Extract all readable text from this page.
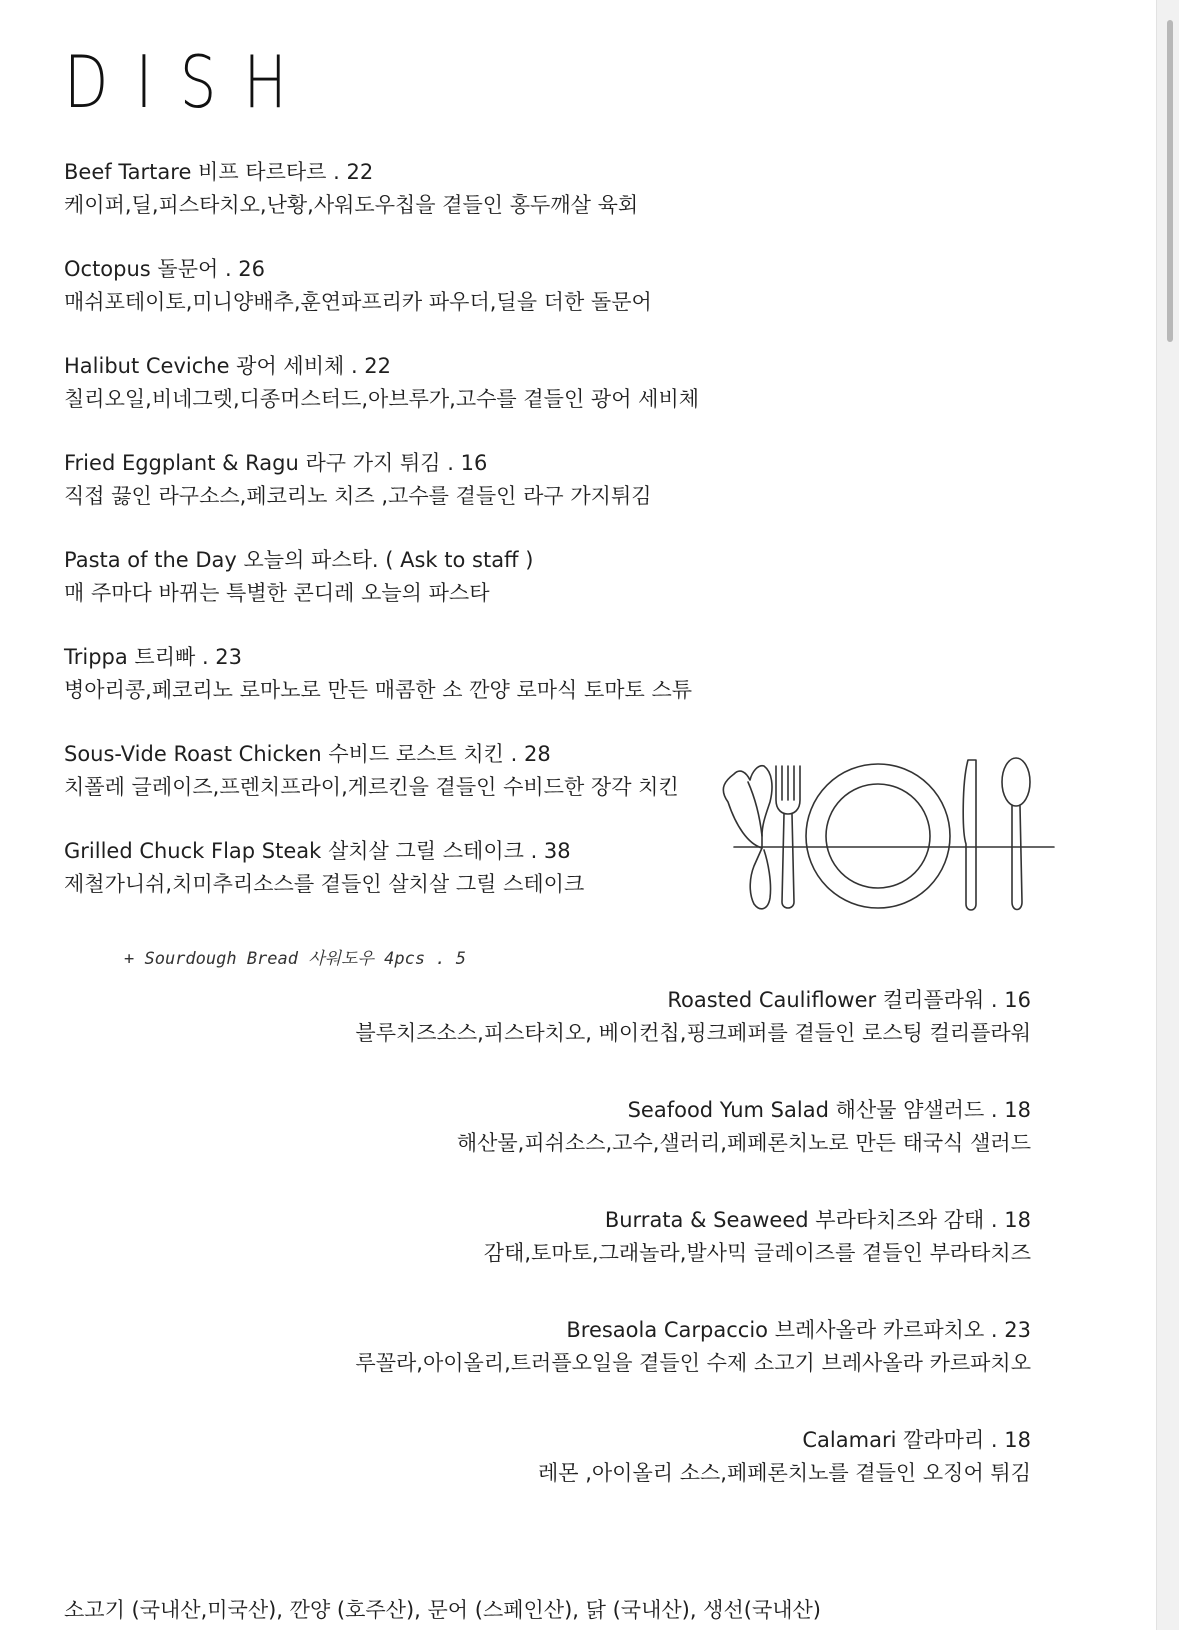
DISH
Beef Tartare 비프 타르타르 . 22
케이퍼,딜,피스타치오,난황,사워도우칩을 곁들인 홍두깨살 육회
Octopus 돌문어 . 26
매쉬포테이토,미니양배추,훈연파프리카 파우더,딜을 더한 돌문어
Halibut Ceviche 광어 세비체 . 22
칠리오일,비네그렛,디종머스터드,아브루가,고수를 곁들인 광어 세비체
Fried Eggplant & Ragu 라구 가지 튀김 . 16
직접 끓인 라구소스,페코리노 치즈 ,고수를 곁들인 라구 가지튀김
Pasta of the Day 오늘의 파스타. ( Ask to staff )
매 주마다 바뀌는 특별한 콘디레 오늘의 파스타
Trippa 트리빠 . 23
병아리콩,페코리노 로마노로 만든 매콤한 소 깐양 로마식 토마토 스튜
Sous-Vide Roast Chicken 수비드 로스트 치킨 . 28
치폴레 글레이즈,프렌치프라이,게르킨을 곁들인 수비드한 장각 치킨
Grilled Chuck Flap Steak 살치살 그릴 스테이크 . 38
제철가니쉬,치미추리소스를 곁들인 살치살 그릴 스테이크
+ Sourdough Bread 사워도우 4pcs . 5
Roasted Cauliflower 컬리플라워 . 16
블루치즈소스,피스타치오, 베이컨칩,핑크페퍼를 곁들인 로스팅 컬리플라워
Seafood Yum Salad 해산물 얌샐러드 . 18
해산물,피쉬소스,고수,샐러리,페페론치노로 만든 태국식 샐러드
Burrata & Seaweed 부라타치즈와 감태 . 18
감태,토마토,그래놀라,발사믹 글레이즈를 곁들인 부라타치즈
Bresaola Carpaccio 브레사올라 카르파치오 . 23
루꼴라,아이올리,트러플오일을 곁들인 수제 소고기 브레사올라 카르파치오
Calamari 깔라마리 . 18
레몬 ,아이올리 소스,페페론치노를 곁들인 오징어 튀김
소고기 (국내산,미국산), 깐양 (호주산), 문어 (스페인산), 닭 (국내산), 생선(국내산)
